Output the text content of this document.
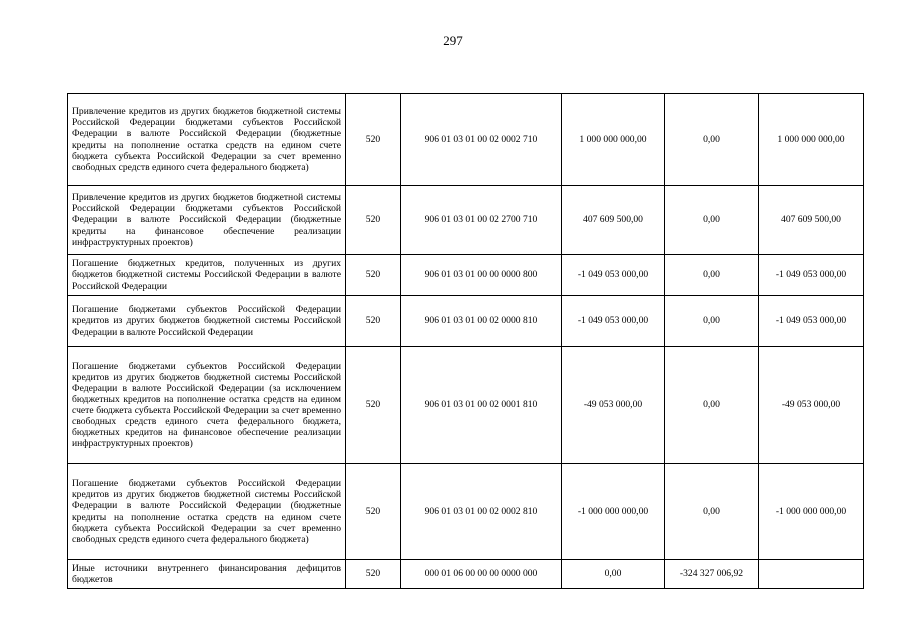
297
Привлечение кредитов из других бюджетов бюджетной системы Российской Федерации бюджетами субъектов Российской Федерации в валюте Российской Федерации (бюджетные кредиты на пополнение остатка средств на едином счете бюджета субъекта Российской Федерации за счет временно свободных средств единого счета федерального бюджета)	520	906 01 03 01 00 02 0002 710	1 000 000 000,00	0,00	1 000 000 000,00
Привлечение кредитов из других бюджетов бюджетной системы Российской Федерации бюджетами субъектов Российской Федерации в валюте Российской Федерации (бюджетные кредиты на финансовое обеспечение реализации инфраструктурных проектов)	520	906 01 03 01 00 02 2700 710	407 609 500,00	0,00	407 609 500,00
Погашение бюджетных кредитов, полученных из других бюджетов бюджетной системы Российской Федерации в валюте Российской Федерации	520	906 01 03 01 00 00 0000 800	-1 049 053 000,00	0,00	-1 049 053 000,00
Погашение бюджетами субъектов Российской Федерации кредитов из других бюджетов бюджетной системы Российской Федерации в валюте Российской Федерации	520	906 01 03 01 00 02 0000 810	-1 049 053 000,00	0,00	-1 049 053 000,00
Погашение бюджетами субъектов Российской Федерации кредитов из других бюджетов бюджетной системы Российской Федерации в валюте Российской Федерации (за исключением бюджетных кредитов на пополнение остатка средств на едином счете бюджета субъекта Российской Федерации за счет временно свободных средств единого счета федерального бюджета, бюджетных кредитов на финансовое обеспечение реализации инфраструктурных проектов)	520	906 01 03 01 00 02 0001 810	-49 053 000,00	0,00	-49 053 000,00
Погашение бюджетами субъектов Российской Федерации кредитов из других бюджетов бюджетной системы Российской Федерации в валюте Российской Федерации (бюджетные кредиты на пополнение остатка средств на едином счете бюджета субъекта Российской Федерации за счет временно свободных средств единого счета федерального бюджета)	520	906 01 03 01 00 02 0002 810	-1 000 000 000,00	0,00	-1 000 000 000,00
Иные источники внутреннего финансирования дефицитов бюджетов	520	000 01 06 00 00 00 0000 000	0,00	-324 327 006,92	
